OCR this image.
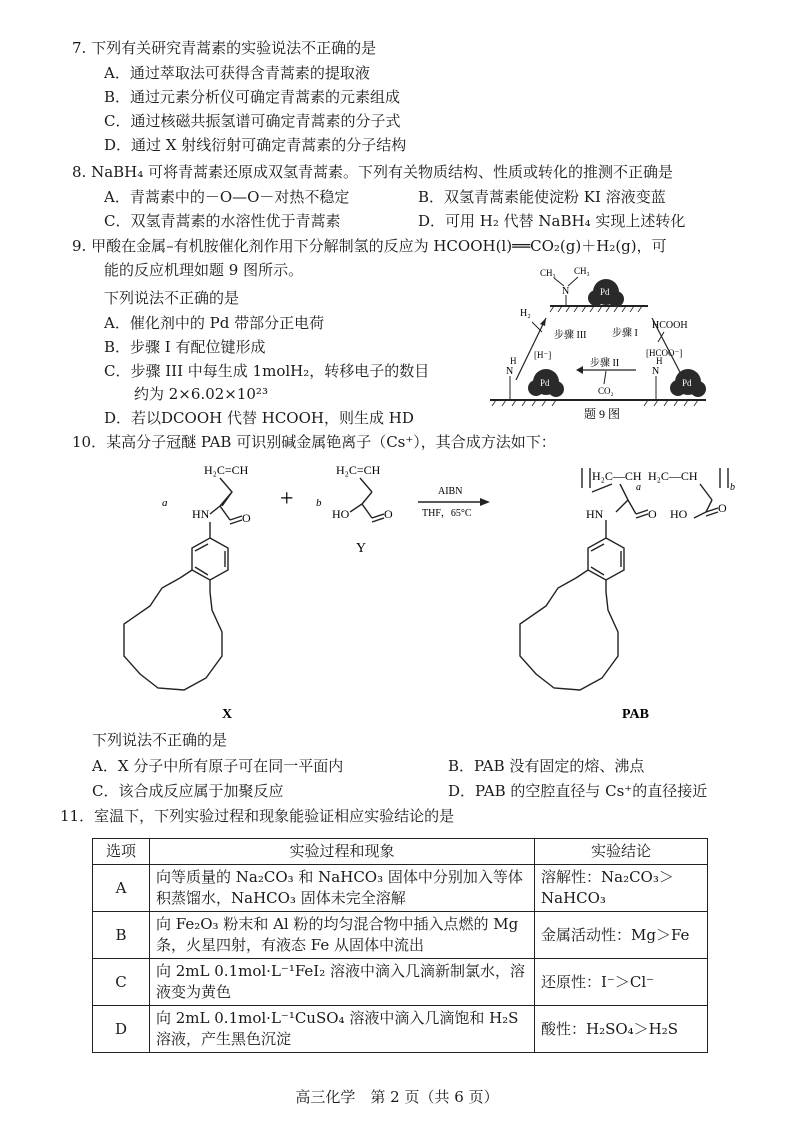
7. 下列有关研究青蒿素的实验说法不正确的是
A．通过萃取法可获得含青蒿素的提取液
B．通过元素分析仪可确定青蒿素的元素组成
C．通过核磁共振氢谱可确定青蒿素的分子式
D．通过 X 射线衍射可确定青蒿素的分子结构
8. NaBH₄ 可将青蒿素还原成双氢青蒿素。下列有关物质结构、性质或转化的推测不正确是
A．青蒿素中的－O—O－对热不稳定	B．双氢青蒿素能使淀粉 KI 溶液变蓝
C．双氢青蒿素的水溶性优于青蒿素	D．可用 H₂ 代替 NaBH₄ 实现上述转化
9. 甲酸在金属–有机胺催化剂作用下分解制氢的反应为 HCOOH(l)══CO₂(g)＋H₂(g)，可
能的反应机理如题 9 图所示。
下列说法不正确的是
A．催化剂中的 Pd 带部分正电荷
B．步骤 I 有配位键形成
C．步骤 III 中每生成 1molH₂，转移电子的数目
约为 2×6.02×10²³
D．若以DCOOH 代替 HCOOH，则生成 HD
CH₃ CH₃
N	Pd
H₂
步骤 III	步骤 I
HCOOH
步骤 II
CO₂
[H⁻]	[HCOO⁻]
N
H
Pd
N
H
Pd
题 9 图
10．某高分子冠醚 PAB 可识别碱金属铯离子（Cs⁺），其合成方法如下：
H₂C=CH
HN	O
a	+ b
H₂C=CH
HO	O
Y
AIBN
THF，65°C
X
H₂C—CH H₂C—CH
a	b
HN	O HO	O
PAB
下列说法不正确的是
A．X 分子中所有原子可在同一平面内	B．PAB 没有固定的熔、沸点
C．该合成反应属于加聚反应	D．PAB 的空腔直径与 Cs⁺的直径接近
11．室温下，下列实验过程和现象能验证相应实验结论的是
选项	实验过程和现象	实验结论
A	向等质量的 Na₂CO₃ 和 NaHCO₃ 固体中分别加入等体积蒸馏水，NaHCO₃ 固体未完全溶解	溶解性：Na₂CO₃＞NaHCO₃
B	向 Fe₂O₃ 粉末和 Al 粉的均匀混合物中插入点燃的 Mg 条，火星四射，有液态 Fe 从固体中流出	金属活动性：Mg＞Fe
C	向 2mL 0.1mol·L⁻¹FeI₂ 溶液中滴入几滴新制氯水，溶液变为黄色	还原性：I⁻＞Cl⁻
D	向 2mL 0.1mol·L⁻¹CuSO₄ 溶液中滴入几滴饱和 H₂S 溶液，产生黑色沉淀	酸性：H₂SO₄＞H₂S
高三化学　第 2 页（共 6 页）
